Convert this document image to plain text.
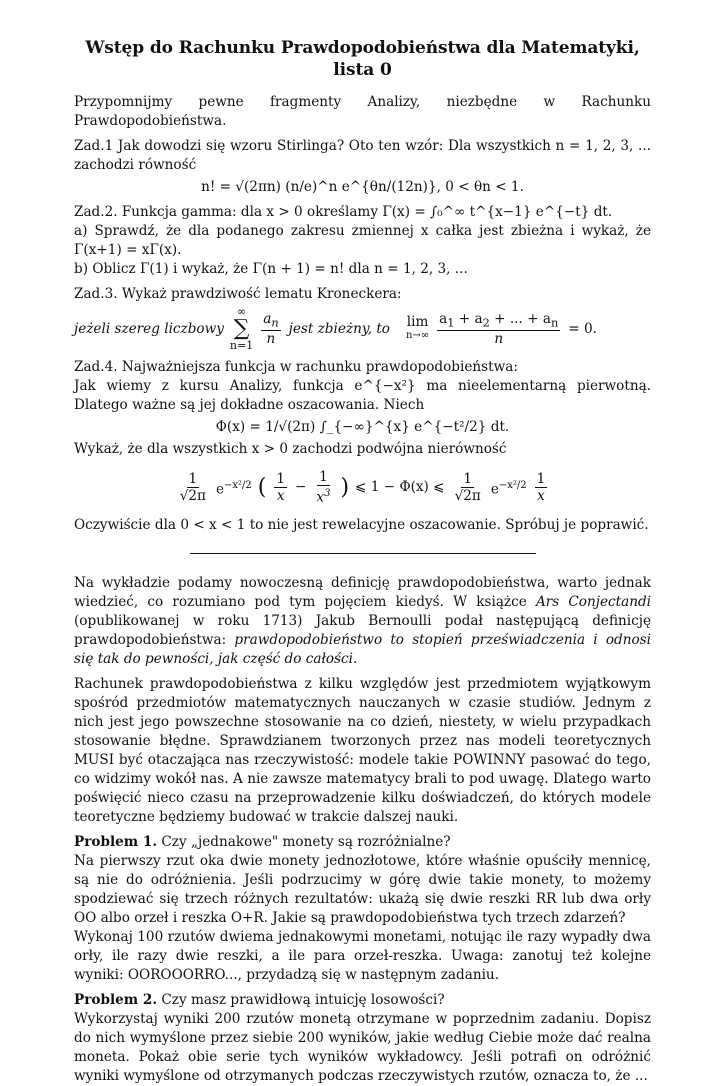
Wstęp do Rachunku Prawdopodobieństwa dla Matematyki, lista 0

Przypomnijmy pewne fragmenty Analizy, niezbędne w Rachunku Prawdopodobieństwa.

Zad.1 Jak dowodzi się wzoru Stirlinga? Oto ten wzór: Dla wszystkich n = 1, 2, 3, ... zachodzi równość

n! = √(2πn) (n/e)^n e^{θn/(12n)}, 0 < θn < 1.

Zad.2. Funkcja gamma: dla x > 0 określamy Γ(x) = ∫₀^∞ t^{x−1} e^{−t} dt.

a) Sprawdź, że dla podanego zakresu zmiennej x całka jest zbieżna i wykaż, że Γ(x+1) = xΓ(x).

b) Oblicz Γ(1) i wykaż, że Γ(n + 1) = n! dla n = 1, 2, 3, ...

Zad.3. Wykaż prawdziwość lematu Kroneckera:

jeżeli szereg liczbowy
∞
∑
$n=1 \frac{a_n}{n}$ jest zbieżny, to lim
$n\to\infty \frac{a_1 + a_2 + ... + a_n}{n} = 0$.

Zad.4. Najważniejsza funkcja w rachunku prawdopodobieństwa:

Jak wiemy z kursu Analizy, funkcja e^{−x²} ma nieelementarną pierwotną. Dlatego ważne są jej dokładne oszacowania. Niech

Φ(x) = 1/√(2π) ∫_{−∞}^{x} e^{−t²/2} dt.

Wykaż, że dla wszystkich x > 0 zachodzi podwójna nierówność

$\frac{1}{√2\pi} e^{-x^2/2}$ ( $\frac{1}{x} - \frac{1}{x^3}$ ) ⩽ 1 − Φ(x) ⩽ $\frac{1}{√2\pi} e^{-x^2/2} \frac{1}{x}$

Oczywiście dla 0 < x < 1 to nie jest rewelacyjne oszacowanie. Spróbuj je poprawić.

Na wykładzie podamy nowoczesną definicję prawdopodobieństwa, warto jednak wiedzieć, co rozumiano pod tym pojęciem kiedyś. W książce Ars Conjectandi (opublikowanej w roku 1713) Jakub Bernoulli podał następującą definicję prawdopodobieństwa: prawdopodobieństwo to stopień przeświadczenia i odnosi się tak do pewności, jak część do całości.

Rachunek prawdopodobieństwa z kilku względów jest przedmiotem wyjątkowym spośród przedmiotów matematycznych nauczanych w czasie studiów. Jednym z nich jest jego powszechne stosowanie na co dzień, niestety, w wielu przypadkach stosowanie błędne. Sprawdzianem tworzonych przez nas modeli teoretycznych MUSI być otaczająca nas rzeczywistość: modele takie POWINNY pasować do tego, co widzimy wokół nas. A nie zawsze matematycy brali to pod uwagę. Dlatego warto poświęcić nieco czasu na przeprowadzenie kilku doświadczeń, do których modele teoretyczne będziemy budować w trakcie dalszej nauki.

Problem 1. Czy „jednakowe" monety są rozróżnialne?

Na pierwszy rzut oka dwie monety jednozłotowe, które właśnie opuściły mennicę, są nie do odróżnienia. Jeśli podrzucimy w górę dwie takie monety, to możemy spodziewać się trzech różnych rezultatów: ukażą się dwie reszki RR lub dwa orły OO albo orzeł i reszka O+R. Jakie są prawdopodobieństwa tych trzech zdarzeń?

Wykonaj 100 rzutów dwiema jednakowymi monetami, notując ile razy wypadły dwa orły, ile razy dwie reszki, a ile para orzeł-reszka. Uwaga: zanotuj też kolejne wyniki: OOROOORRO..., przydadzą się w następnym zadaniu.

Problem 2. Czy masz prawidłową intuicję losowości?

Wykorzystaj wyniki 200 rzutów monetą otrzymane w poprzednim zadaniu. Dopisz do nich wymyślone przez siebie 200 wyników, jakie według Ciebie może dać realna moneta. Pokaż obie serie tych wyników wykładowcy. Jeśli potrafi on odróżnić wyniki wymyślone od otrzymanych podczas rzeczywistych rzutów, oznacza to, że ...
